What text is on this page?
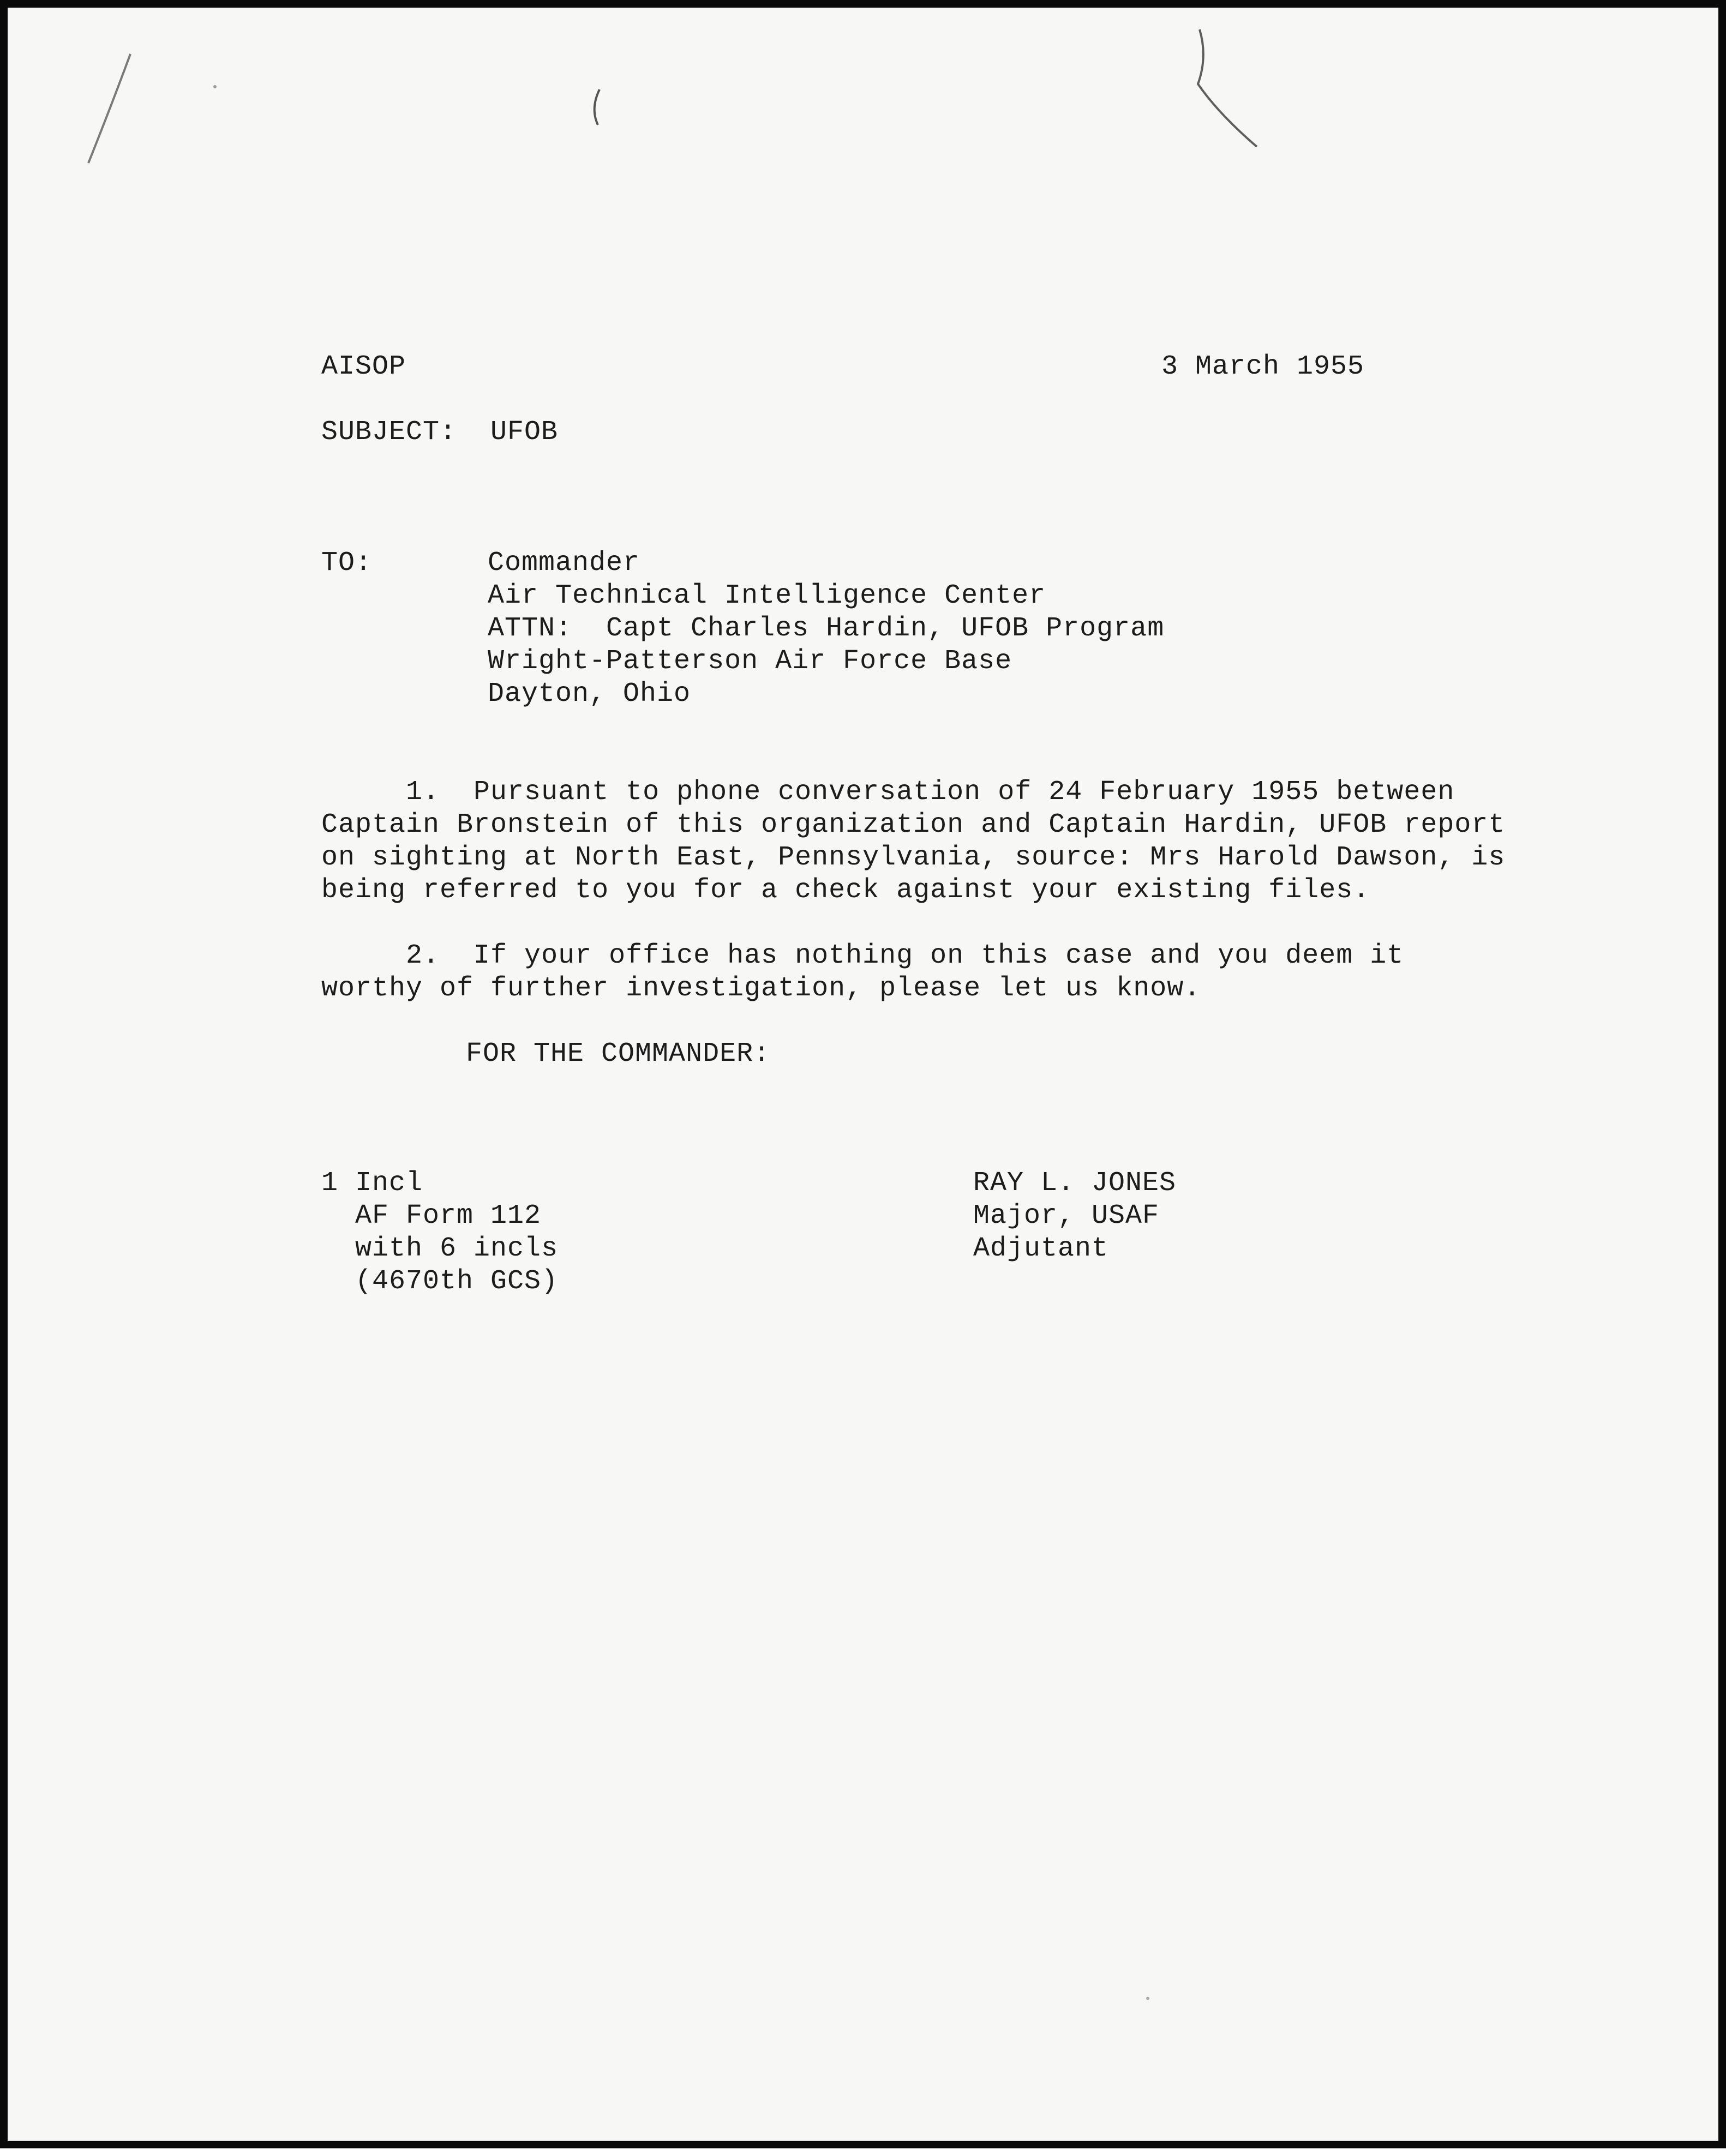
AISOP	3 March 1955
SUBJECT: UFOB
TO:	Commander
Air Technical Intelligence Center
ATTN:  Capt Charles Hardin, UFOB Program
Wright-Patterson Air Force Base
Dayton, Ohio
1.  Pursuant to phone conversation of 24 February 1955 between
Captain Bronstein of this organization and Captain Hardin, UFOB report
on sighting at North East, Pennsylvania, source: Mrs Harold Dawson, is
being referred to you for a check against your existing files.
2.  If your office has nothing on this case and you deem it
worthy of further investigation, please let us know.
FOR THE COMMANDER:
1 Incl
AF Form 112
with 6 incls
(4670th GCS)
RAY L. JONES
Major, USAF
Adjutant
